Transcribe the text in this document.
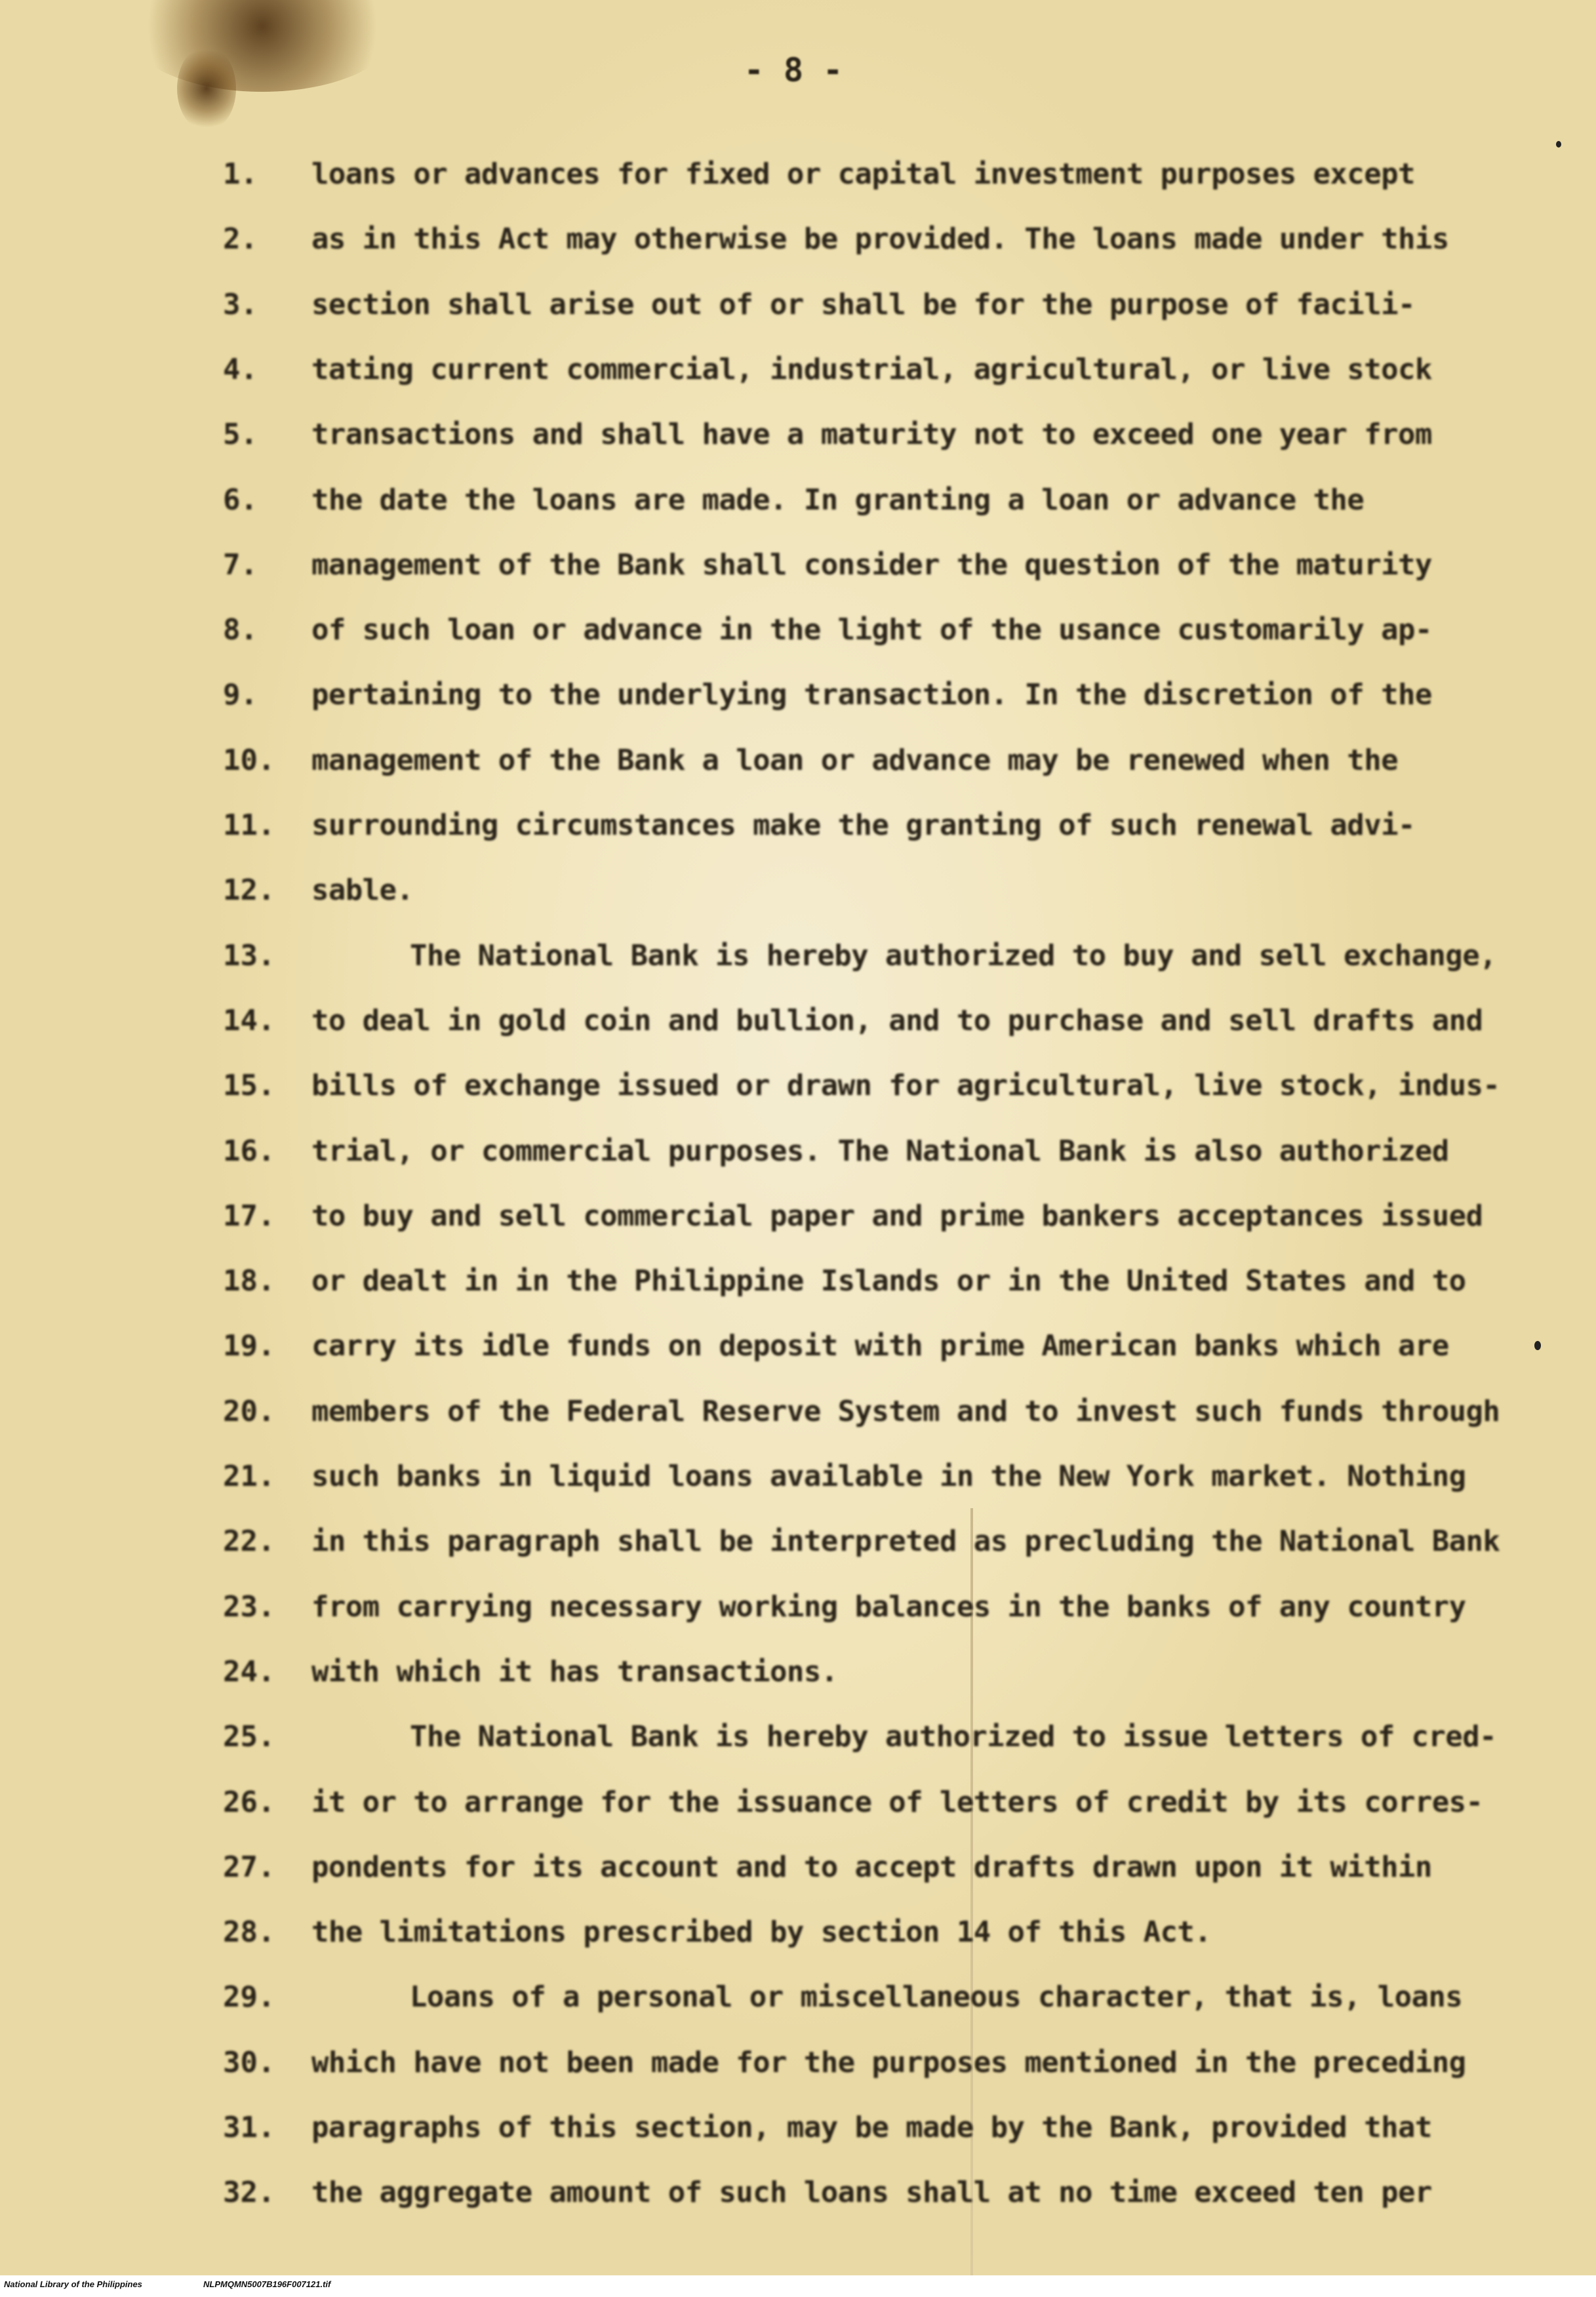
- 8 -
1.	loans or advances for fixed or capital investment purposes except
2.	as in this Act may otherwise be provided. The loans made under this
3.	section shall arise out of or shall be for the purpose of facili-
4.	tating current commercial, industrial, agricultural, or live stock
5.	transactions and shall have a maturity not to exceed one year from
6.	the date the loans are made. In granting a loan or advance the
7.	management of the Bank shall consider the question of the maturity
8.	of such loan or advance in the light of the usance customarily ap-
9.	pertaining to the underlying transaction. In the discretion of the
10.	management of the Bank a loan or advance may be renewed when the
11.	surrounding circumstances make the granting of such renewal advi-
12.	sable.
13.	The National Bank is hereby authorized to buy and sell exchange,
14.	to deal in gold coin and bullion, and to purchase and sell drafts and
15.	bills of exchange issued or drawn for agricultural, live stock, indus-
16.	trial, or commercial purposes. The National Bank is also authorized
17.	to buy and sell commercial paper and prime bankers acceptances issued
18.	or dealt in in the Philippine Islands or in the United States and to
19.	carry its idle funds on deposit with prime American banks which are
20.	members of the Federal Reserve System and to invest such funds through
21.	such banks in liquid loans available in the New York market. Nothing
22.	in this paragraph shall be interpreted as precluding the National Bank
23.	from carrying necessary working balances in the banks of any country
24.	with which it has transactions.
25.	The National Bank is hereby authorized to issue letters of cred-
26.	it or to arrange for the issuance of letters of credit by its corres-
27.	pondents for its account and to accept drafts drawn upon it within
28.	the limitations prescribed by section 14 of this Act.
29.	Loans of a personal or miscellaneous character, that is, loans
30.	which have not been made for the purposes mentioned in the preceding
31.	paragraphs of this section, may be made by the Bank, provided that
32.	the aggregate amount of such loans shall at no time exceed ten per
National Library of the Philippines	NLPMQMN5007B196F007121.tif
